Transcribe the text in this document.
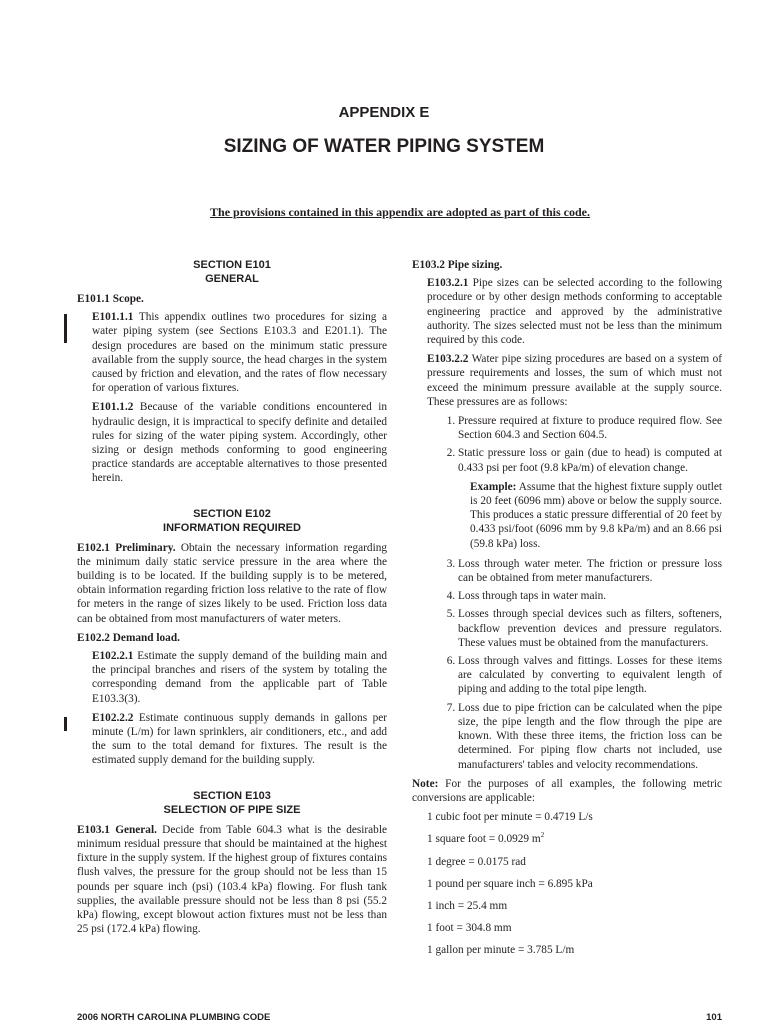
APPENDIX E
SIZING OF WATER PIPING SYSTEM
The provisions contained in this appendix are adopted as part of this code.
SECTION E101
GENERAL

E101.1 Scope.

E101.1.1 This appendix outlines two procedures for sizing a water piping system (see Sections E103.3 and E201.1). The design procedures are based on the minimum static pressure available from the supply source, the head charges in the system caused by friction and elevation, and the rates of flow necessary for operation of various fixtures.

E101.1.2 Because of the variable conditions encountered in hydraulic design, it is impractical to specify definite and detailed rules for sizing of the water piping system. Accordingly, other sizing or design methods conforming to good engineering practice standards are acceptable alternatives to those presented herein.

SECTION E102
INFORMATION REQUIRED

E102.1 Preliminary. Obtain the necessary information regarding the minimum daily static service pressure in the area where the building is to be located. If the building supply is to be metered, obtain information regarding friction loss relative to the rate of flow for meters in the range of sizes likely to be used. Friction loss data can be obtained from most manufacturers of water meters.

E102.2 Demand load.

E102.2.1 Estimate the supply demand of the building main and the principal branches and risers of the system by totaling the corresponding demand from the applicable part of Table E103.3(3).

E102.2.2 Estimate continuous supply demands in gallons per minute (L/m) for lawn sprinklers, air conditioners, etc., and add the sum to the total demand for fixtures. The result is the estimated supply demand for the building supply.

SECTION E103
SELECTION OF PIPE SIZE

E103.1 General. Decide from Table 604.3 what is the desirable minimum residual pressure that should be maintained at the highest fixture in the supply system. If the highest group of fixtures contains flush valves, the pressure for the group should not be less than 15 pounds per square inch (psi) (103.4 kPa) flowing. For flush tank supplies, the available pressure should not be less than 8 psi (55.2 kPa) flowing, except blowout action fixtures must not be less than 25 psi (172.4 kPa) flowing.

E103.2 Pipe sizing.

E103.2.1 Pipe sizes can be selected according to the following procedure or by other design methods conforming to acceptable engineering practice and approved by the administrative authority. The sizes selected must not be less than the minimum required by this code.

E103.2.2 Water pipe sizing procedures are based on a system of pressure requirements and losses, the sum of which must not exceed the minimum pressure available at the supply source. These pressures are as follows:

1. Pressure required at fixture to produce required flow. See Section 604.3 and Section 604.5.
2. Static pressure loss or gain (due to head) is computed at 0.433 psi per foot (9.8 kPa/m) of elevation change.

Example: Assume that the highest fixture supply outlet is 20 feet (6096 mm) above or below the supply source. This produces a static pressure differential of 20 feet by 0.433 psi/foot (6096 mm by 9.8 kPa/m) and an 8.66 psi (59.8 kPa) loss.

3. Loss through water meter. The friction or pressure loss can be obtained from meter manufacturers.
4. Loss through taps in water main.
5. Losses through special devices such as filters, softeners, backflow prevention devices and pressure regulators. These values must be obtained from the manufacturers.
6. Loss through valves and fittings. Losses for these items are calculated by converting to equivalent length of piping and adding to the total pipe length.
7. Loss due to pipe friction can be calculated when the pipe size, the pipe length and the flow through the pipe are known. With these three items, the friction loss can be determined. For piping flow charts not included, use manufacturers' tables and velocity recommendations.

Note: For the purposes of all examples, the following metric conversions are applicable:

1 cubic foot per minute = 0.4719 L/s

1 square foot = 0.0929 $m^2$

1 degree = 0.0175 rad

1 pound per square inch = 6.895 kPa

1 inch = 25.4 mm

1 foot = 304.8 mm

1 gallon per minute = 3.785 L/m

2006 NORTH CAROLINA PLUMBING CODE	101
